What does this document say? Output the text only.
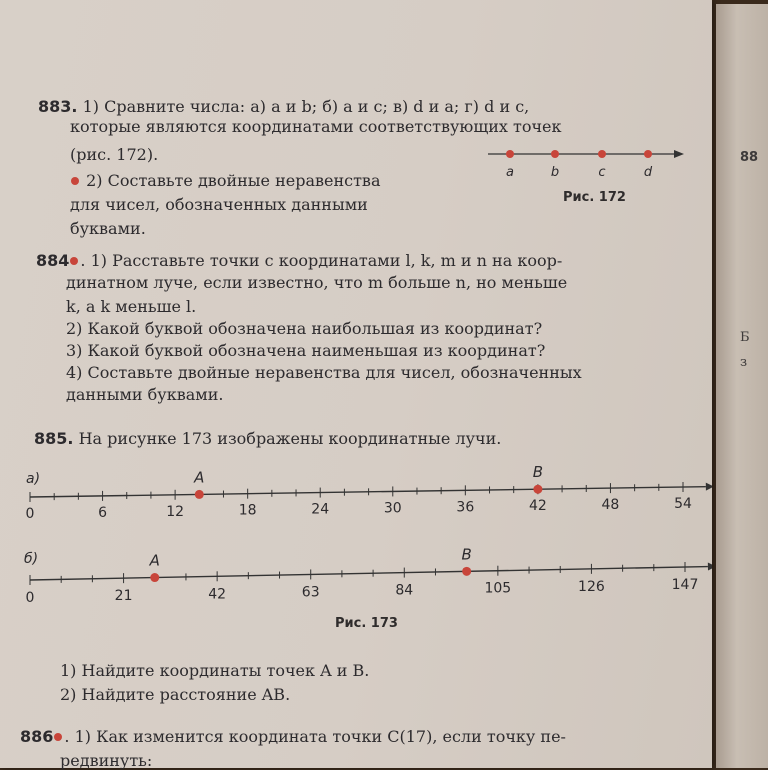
88
Б
з
883. 1) Сравните числа: а) a и b; б) a и c; в) d и a; г) d и c,
которые являются координатами соответствующих точек
(рис. 172).
2) Составьте двойные неравенства
для чисел, обозначенных данными
буквами.
a	b	c	d
Рис. 172
884 . 1) Расставьте точки с координатами l, k, m и n на коор-
динатном луче, если известно, что m больше n, но меньше
k, а k меньше l.
2) Какой буквой обозначена наибольшая из координат?
3) Какой буквой обозначена наименьшая из координат?
4) Составьте двойные неравенства для чисел, обозначенных
данными буквами.
885. На рисунке 173 изображены координатные лучи.
0	6	12	18	24	30	36	42	48	54
A	B
а)
0	21	42	63	84	105	126	147
A	B
б)
Рис. 173
1) Найдите координаты точек A и B.
2) Найдите расстояние AB.
886 . 1) Как изменится координата точки C(17), если точку пе-
редвинуть:
